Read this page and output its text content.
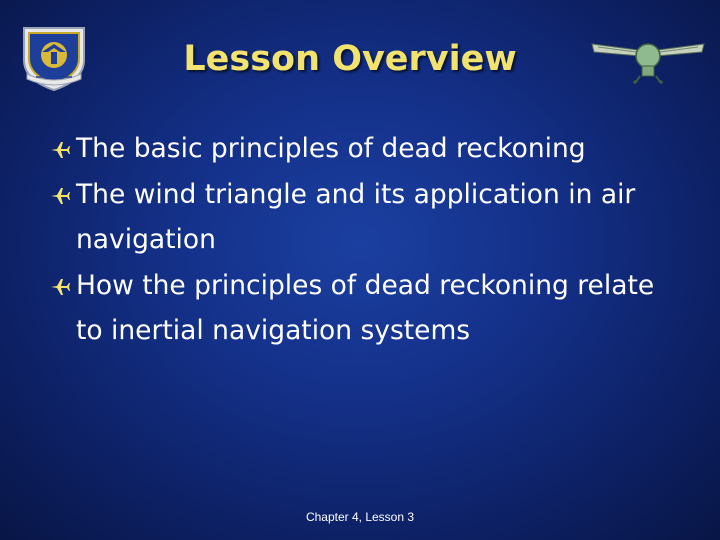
Lesson Overview
The basic principles of dead reckoning
The wind triangle and its application in air navigation
How the principles of dead reckoning relate to inertial navigation systems
Chapter 4, Lesson 3
